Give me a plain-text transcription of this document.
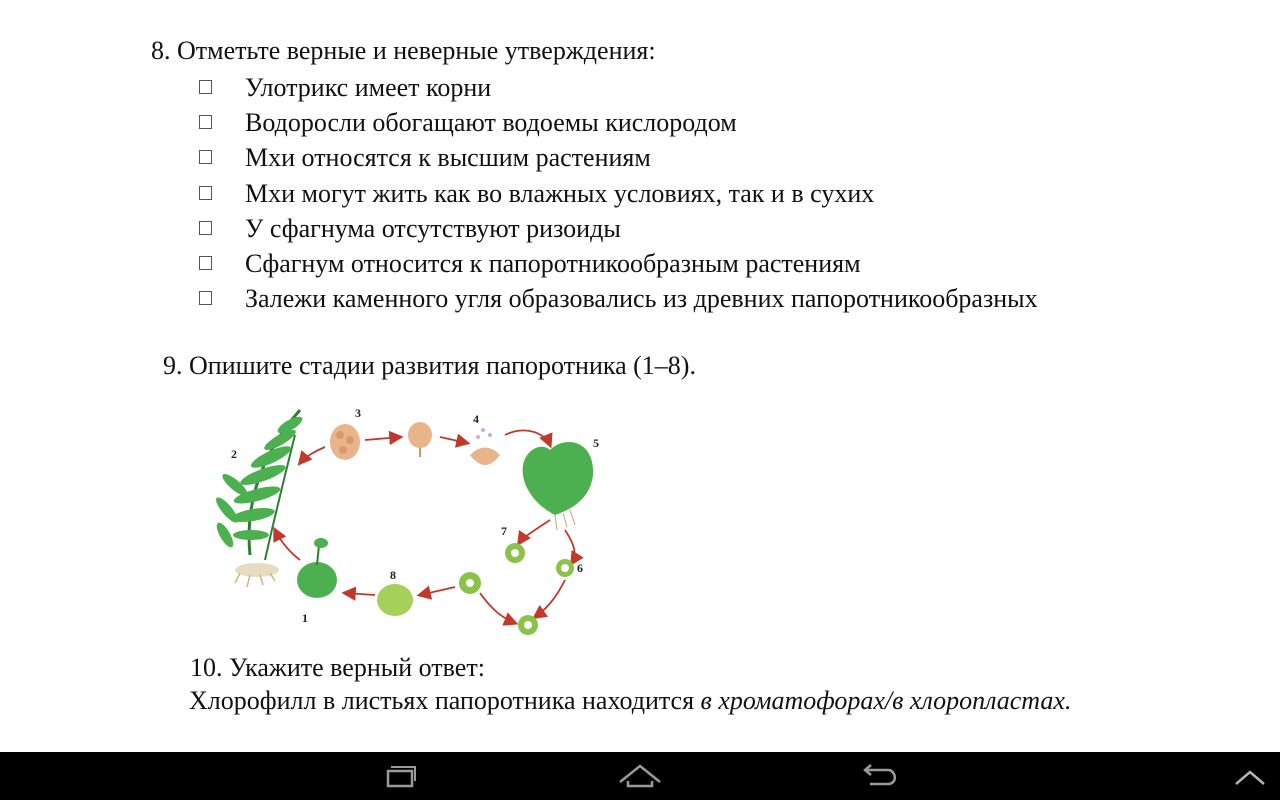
8. Отметьте верные и неверные утверждения:
Улотрикс имеет корни
Водоросли обогащают водоемы кислородом
Мхи относятся к высшим растениям
Мхи могут жить как во влажных условиях, так и в сухих
У сфагнума отсутствуют ризоиды
Сфагнум относится к папоротникообразным растениям
Залежи каменного угля образовались из древних папоротникообразных
9. Опишите стадии развития папоротника (1–8).
1
2
3	4
5
6
7
8
10. Укажите верный ответ:
Хлорофилл в листьях папоротника находится в хроматофорах/в хлоропластах.
